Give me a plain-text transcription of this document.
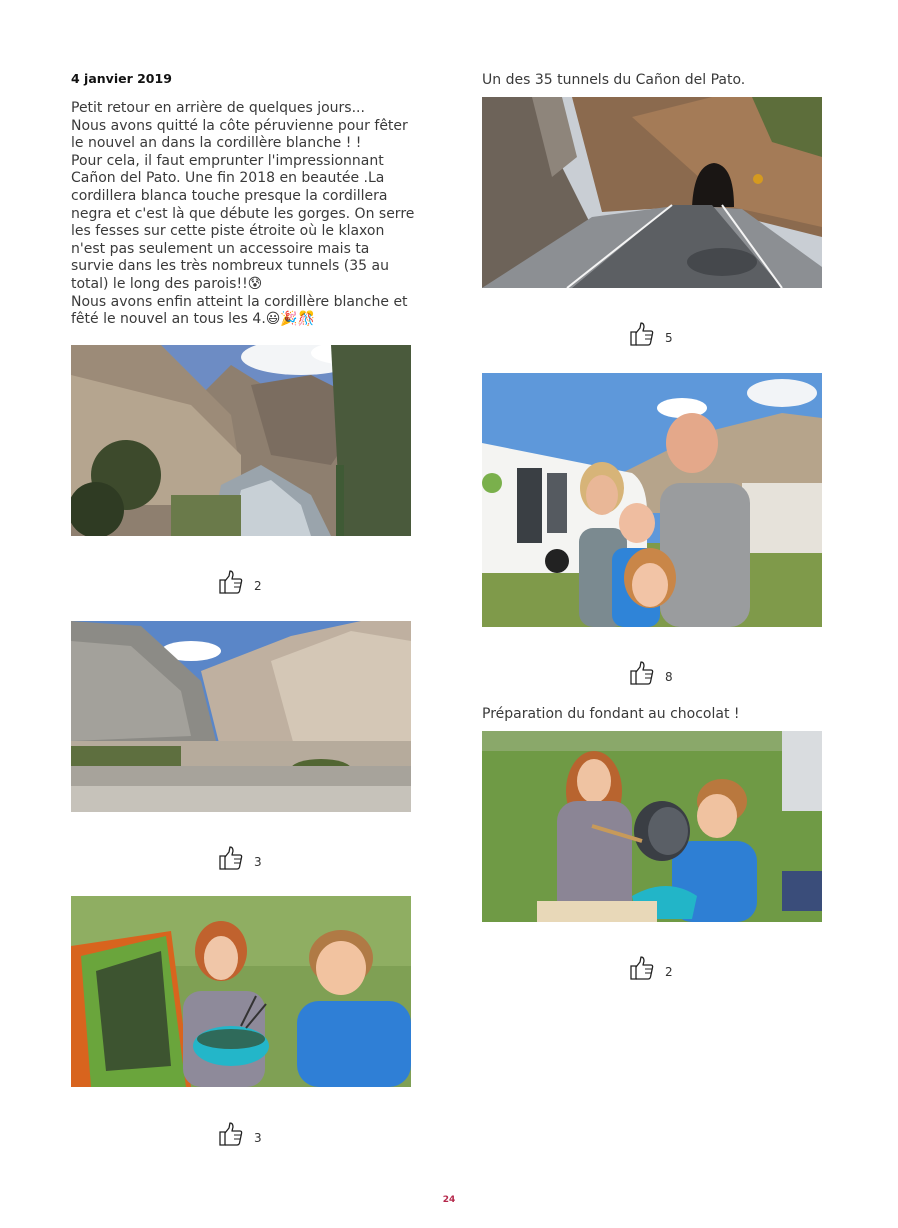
4 janvier 2019

Petit retour en arrière de quelques jours...

Nous avons quitté la côte péruvienne pour fêter le nouvel an dans la cordillère blanche ! !

Pour cela, il faut emprunter l'impressionnant Cañon del Pato. Une fin 2018 en beautée .La cordillera blanca touche presque la cordillera negra et c'est là que débute les gorges. On serre les fesses sur cette piste étroite où le klaxon n'est pas seulement un accessoire mais ta survie dans les très nombreux tunnels (35 au total) le long des parois!!😰

Nous avons enfin atteint la cordillère blanche et fêté le nouvel an tous les 4.😃🎉🎊

2
3
3
Un des 35 tunnels du Cañon del Pato.
5
8
Préparation du fondant au chocolat !
2
24
